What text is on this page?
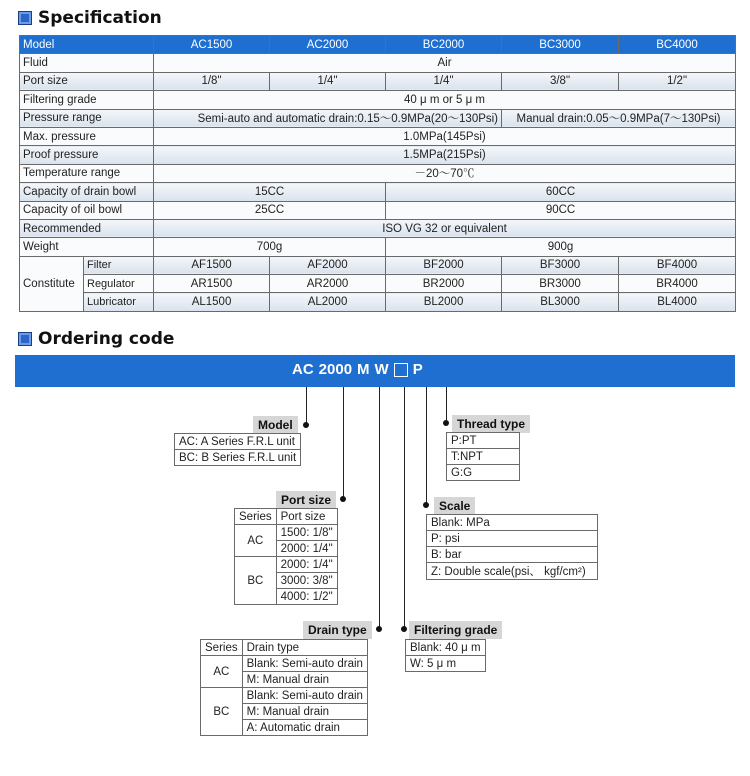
Specification
Model		AC1500	AC2000	BC2000	BC3000	BC4000
Fluid		Air				
Port size		1/8"	1/4"	1/4"	3/8"	1/2"
Filtering grade		40 μ m or 5 μ m				
Pressure range		Semi-auto and automatic drain:0.15～0.9MPa(20～130Psi)			Manual drain:0.05～0.9MPa(7～130Psi)	
Max. pressure		1.0MPa(145Psi)				
Proof pressure		1.5MPa(215Psi)				
Temperature range		－20～70℃				
Capacity of drain bowl		15CC		60CC		
Capacity of oil bowl		25CC		90CC		
Recommended		ISO VG 32 or equivalent				
Weight		700g		900g		
Constitute	Filter	AF1500	AF2000	BF2000	BF3000	BF4000
	Regulator	AR1500	AR2000	BR2000	BR3000	BR4000
	Lubricator	AL1500	AL2000	BL2000	BL3000	BL4000
Ordering code
AC 2000 M W P
Model
AC: A Series F.R.L unit
BC: B Series F.R.L unit
Port size
Series	Port size
AC	1500: 1/8"
	2000: 1/4"
BC	2000: 1/4"
	3000: 3/8"
	4000: 1/2"
Drain type
Series	Drain type
AC	Blank: Semi-auto drain
	M: Manual drain
BC	Blank: Semi-auto drain
	M: Manual drain
	A: Automatic drain
Filtering grade
Blank: 40 μ m
W: 5 μ m
Scale
Blank: MPa
P: psi
B: bar
Z: Double scale(psi、 kgf/cm²)
Thread type
P:PT
T:NPT
G:G
